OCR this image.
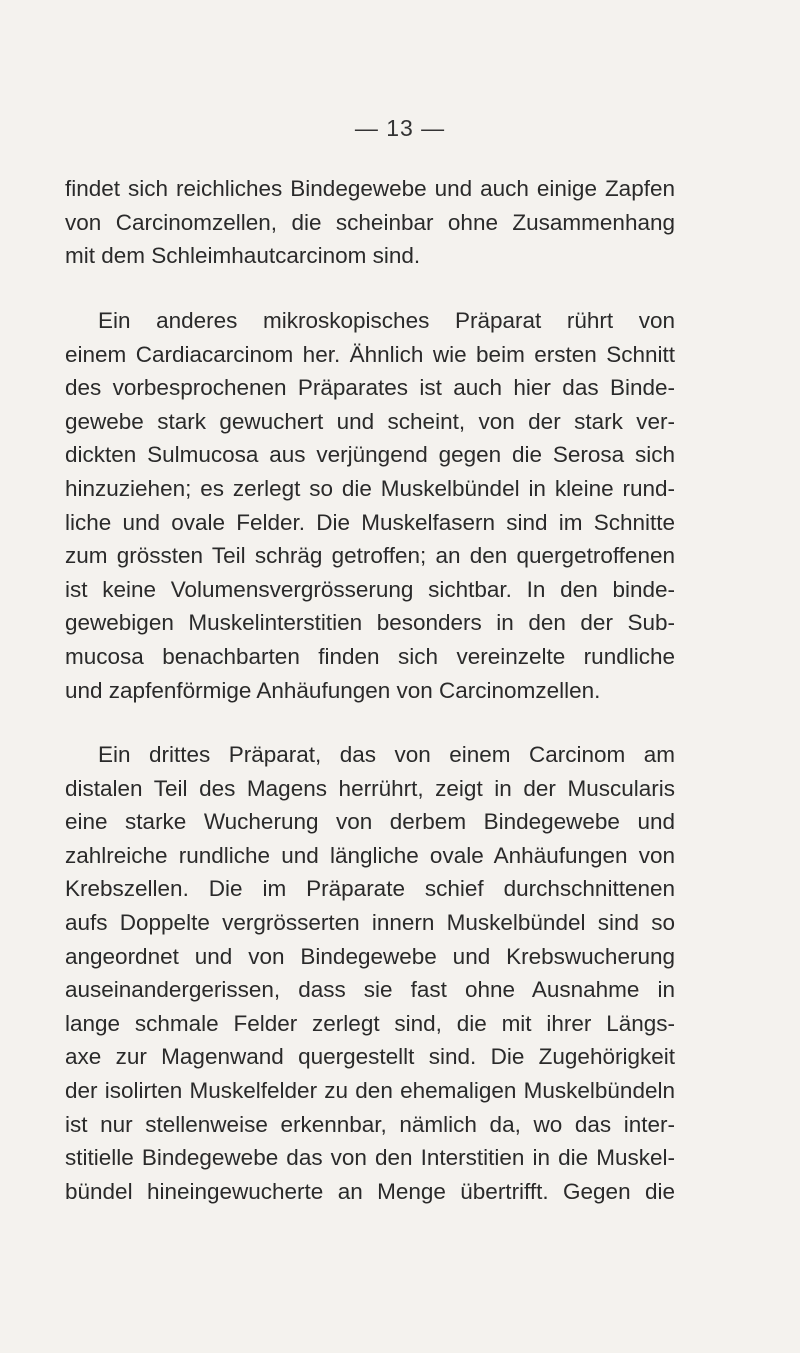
— 13 —
findet sich reichliches Bindegewebe und auch einige Zapfen
von Carcinomzellen, die scheinbar ohne Zusammenhang
mit dem Schleimhautcarcinom sind.
Ein anderes mikroskopisches Präparat rührt von
einem Cardiacarcinom her. Ähnlich wie beim ersten Schnitt
des vorbesprochenen Präparates ist auch hier das Binde-
gewebe stark gewuchert und scheint, von der stark ver-
dickten Sulmucosa aus verjüngend gegen die Serosa sich
hinzuziehen; es zerlegt so die Muskelbündel in kleine rund-
liche und ovale Felder. Die Muskelfasern sind im Schnitte
zum grössten Teil schräg getroffen; an den quergetroffenen
ist keine Volumensvergrösserung sichtbar. In den binde-
gewebigen Muskelinterstitien besonders in den der Sub-
mucosa benachbarten finden sich vereinzelte rundliche
und zapfenförmige Anhäufungen von Carcinomzellen.
Ein drittes Präparat, das von einem Carcinom am
distalen Teil des Magens herrührt, zeigt in der Muscularis
eine starke Wucherung von derbem Bindegewebe und
zahlreiche rundliche und längliche ovale Anhäufungen von
Krebszellen. Die im Präparate schief durchschnittenen
aufs Doppelte vergrösserten innern Muskelbündel sind so
angeordnet und von Bindegewebe und Krebswucherung
auseinandergerissen, dass sie fast ohne Ausnahme in
lange schmale Felder zerlegt sind, die mit ihrer Längs-
axe zur Magenwand quergestellt sind. Die Zugehörigkeit
der isolirten Muskelfelder zu den ehemaligen Muskelbündeln
ist nur stellenweise erkennbar, nämlich da, wo das inter-
stitielle Bindegewebe das von den Interstitien in die Muskel-
bündel hineingewucherte an Menge übertrifft. Gegen die
